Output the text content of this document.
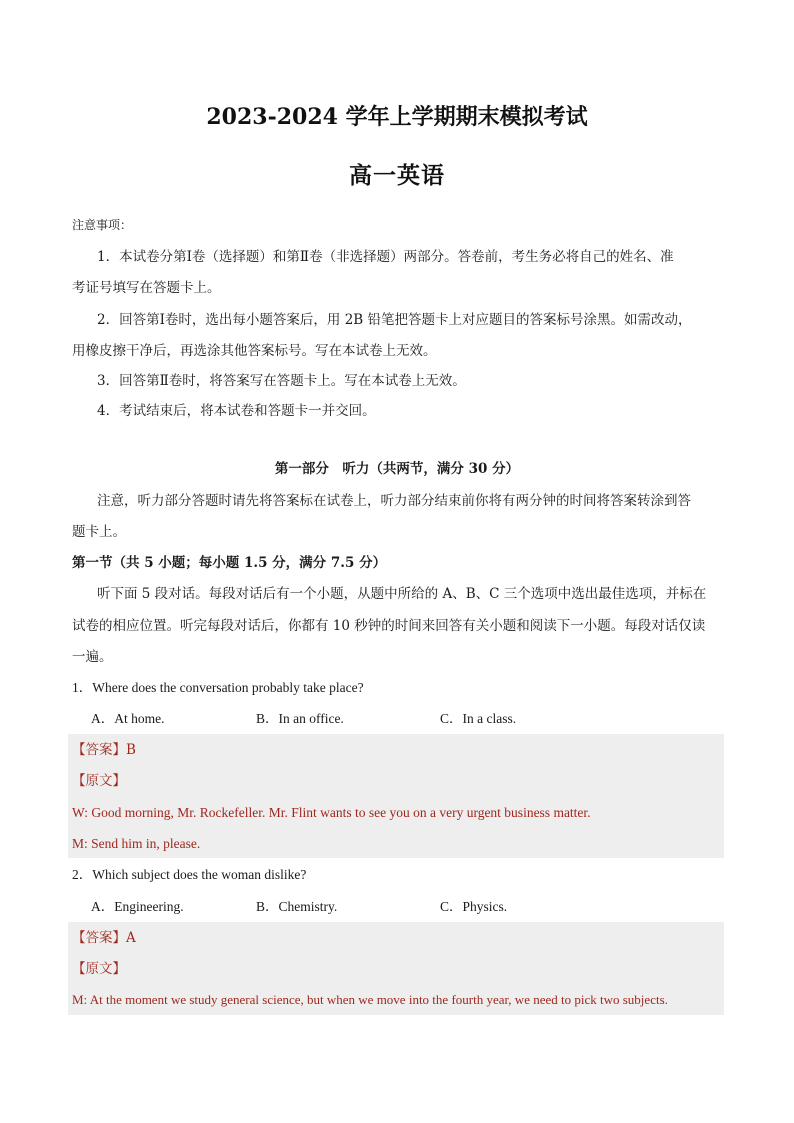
2023-2024 学年上学期期末模拟考试
高一英语
注意事项：
1．本试卷分第Ⅰ卷（选择题）和第Ⅱ卷（非选择题）两部分。答卷前，考生务必将自己的姓名、准
考证号填写在答题卡上。
2．回答第Ⅰ卷时，选出每小题答案后，用 2B 铅笔把答题卡上对应题目的答案标号涂黑。如需改动，
用橡皮擦干净后，再选涂其他答案标号。写在本试卷上无效。
3．回答第Ⅱ卷时，将答案写在答题卡上。写在本试卷上无效。
4．考试结束后，将本试卷和答题卡一并交回。
第一部分　听力（共两节，满分 30 分）
注意，听力部分答题时请先将答案标在试卷上，听力部分结束前你将有两分钟的时间将答案转涂到答
题卡上。
第一节（共 5 小题；每小题 1.5 分，满分 7.5 分）
听下面 5 段对话。每段对话后有一个小题，从题中所给的 A、B、C 三个选项中选出最佳选项，并标在
试卷的相应位置。听完每段对话后，你都有 10 秒钟的时间来回答有关小题和阅读下一小题。每段对话仅读
一遍。
1．Where does the conversation probably take place?
A．At home.	B．In an office.	C．In a class.
【答案】B
【原文】
W: Good morning, Mr. Rockefeller. Mr. Flint wants to see you on a very urgent business matter.
M: Send him in, please.
2．Which subject does the woman dislike?
A．Engineering.	B．Chemistry.	C．Physics.
【答案】A
【原文】
M: At the moment we study general science, but when we move into the fourth year, we need to pick two subjects.
